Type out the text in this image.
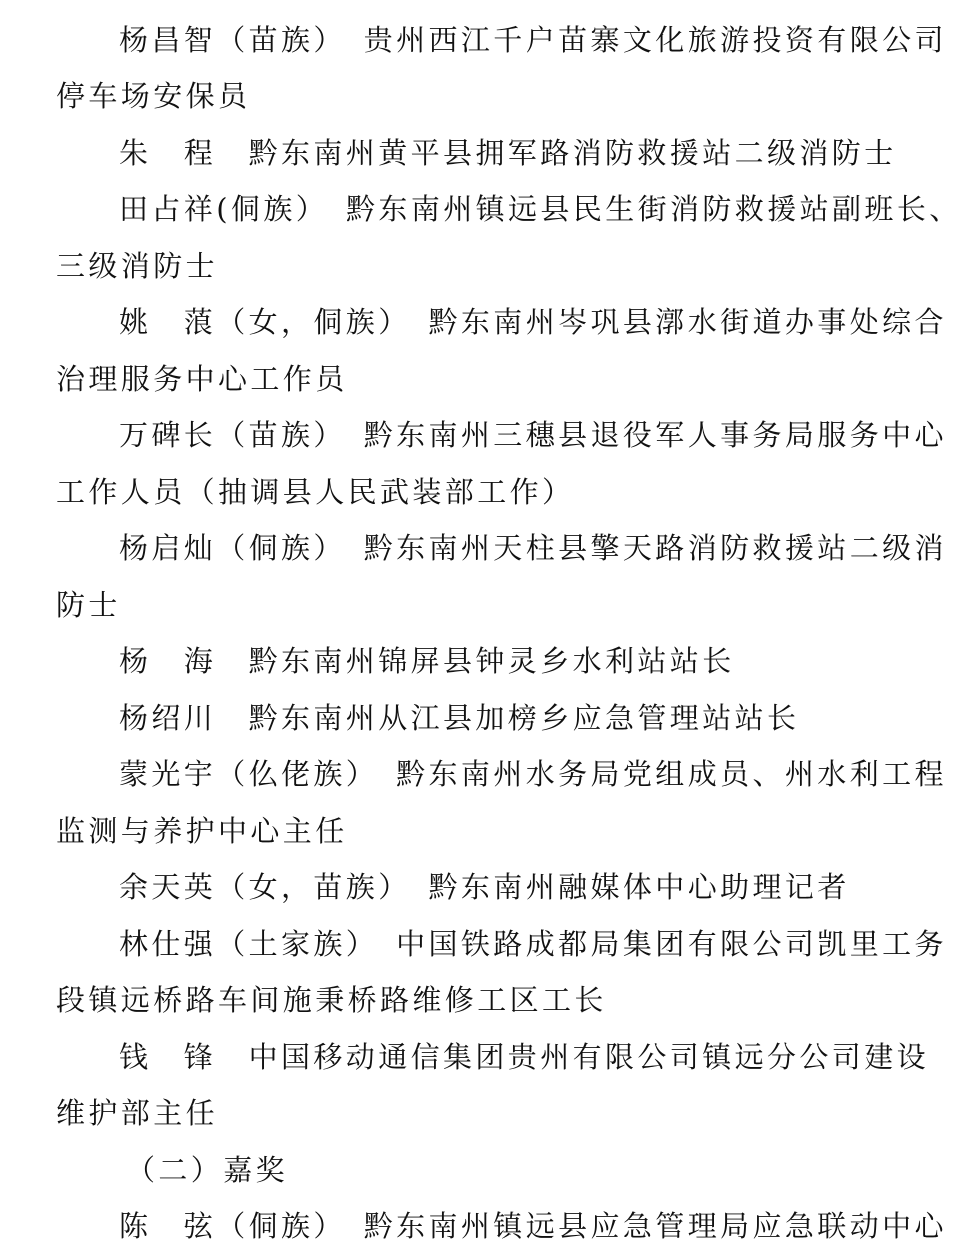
杨昌智（苗族）　贵州西江千户苗寨文化旅游投资有限公司
停车场安保员
朱　程　黔东南州黄平县拥军路消防救援站二级消防士
田占祥(侗族）　黔东南州镇远县民生街消防救援站副班长、
三级消防士
姚　蒗（女，侗族）　黔东南州岑巩县漷水街道办事处综合
治理服务中心工作员
万碑长（苗族）　黔东南州三穗县退役军人事务局服务中心
工作人员（抽调县人民武装部工作）
杨启灿（侗族）　黔东南州天柱县擎天路消防救援站二级消
防士
杨　海　黔东南州锦屏县钟灵乡水利站站长
杨绍川　黔东南州从江县加榜乡应急管理站站长
蒙光宇（仫佬族）　黔东南州水务局党组成员、州水利工程
监测与养护中心主任
余天英（女，苗族）　黔东南州融媒体中心助理记者
林仕强（土家族）　中国铁路成都局集团有限公司凯里工务
段镇远桥路车间施秉桥路维修工区工长
钱　锋　中国移动通信集团贵州有限公司镇远分公司建设
维护部主任
（二）嘉奖
陈　弦（侗族）　黔东南州镇远县应急管理局应急联动中心
